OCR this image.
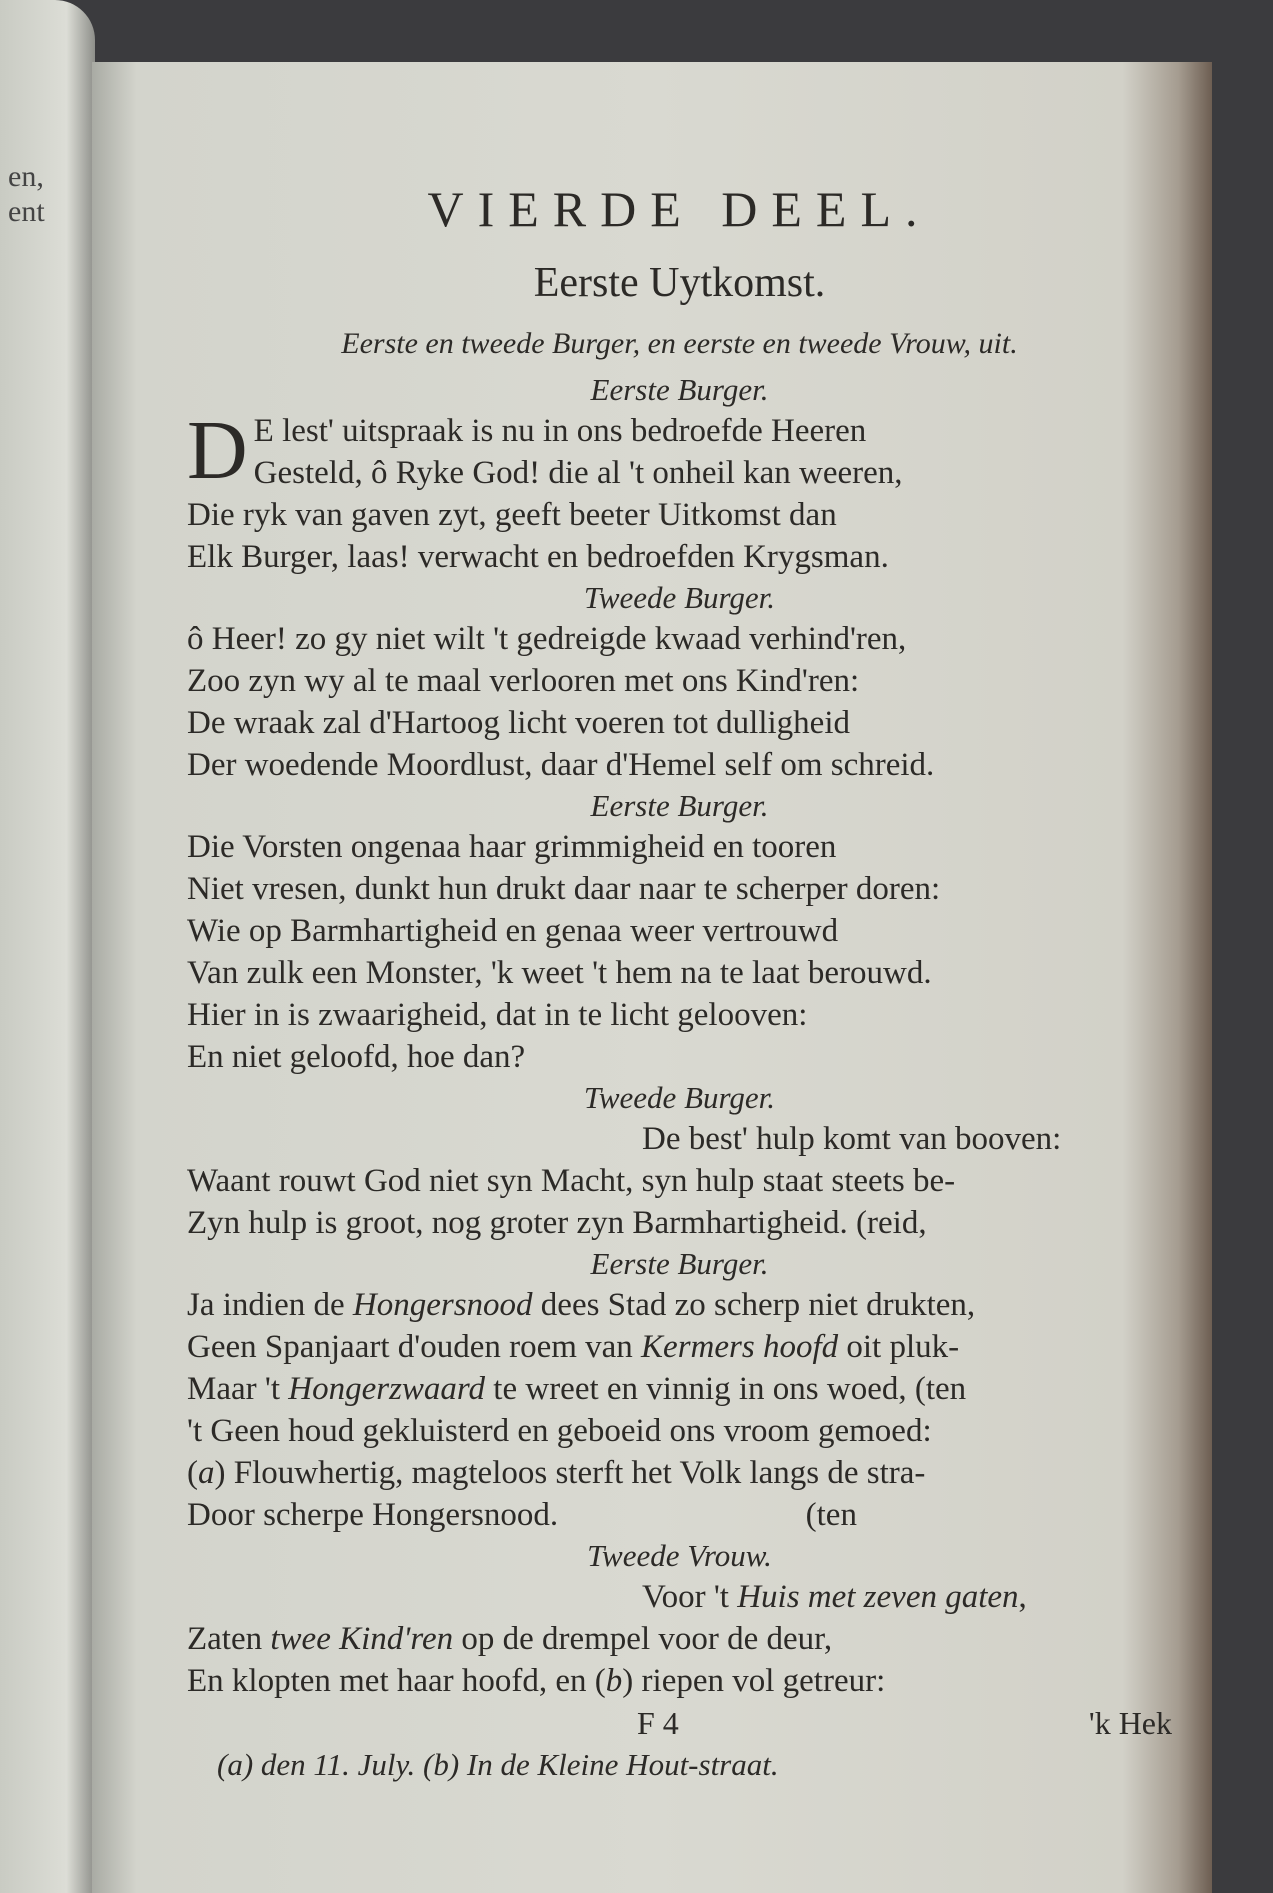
en,
ent	VIERDE DEEL.
Eerste Uytkomst.
Eerste en tweede Burger, en eerste en tweede Vrouw, uit.
Eerste Burger.
D E lest' uitspraak is nu in ons bedroefde Heeren
Gesteld, ô Ryke God! die al 't onheil kan weeren,
Die ryk van gaven zyt, geeft beeter Uitkomst dan
Elk Burger, laas! verwacht en bedroefden Krygsman.
Tweede Burger.
ô Heer! zo gy niet wilt 't gedreigde kwaad verhind'ren,
Zoo zyn wy al te maal verlooren met ons Kind'ren:
De wraak zal d'Hartoog licht voeren tot dulligheid
Der woedende Moordlust, daar d'Hemel self om schreid.
Eerste Burger.
Die Vorsten ongenaa haar grimmigheid en tooren
Niet vresen, dunkt hun drukt daar naar te scherper doren:
Wie op Barmhartigheid en genaa weer vertrouwd
Van zulk een Monster, 'k weet 't hem na te laat berouwd.
Hier in is zwaarigheid, dat in te licht gelooven:
En niet geloofd, hoe dan?
Tweede Burger.
De best' hulp komt van booven:
Waant rouwt God niet syn Macht, syn hulp staat steets be-
Zyn hulp is groot, nog groter zyn Barmhartigheid. (reid,
Eerste Burger.
Ja indien de Hongersnood dees Stad zo scherp niet drukten,
Geen Spanjaart d'ouden roem van Kermers hoofd oit pluk-
Maar 't Hongerzwaard te wreet en vinnig in ons woed, (ten
't Geen houd gekluisterd en geboeid ons vroom gemoed:
(a) Flouwhertig, magteloos sterft het Volk langs de stra-
Door scherpe Hongersnood.                              (ten
Tweede Vrouw.
Voor 't Huis met zeven gaten,
Zaten twee Kind'ren op de drempel voor de deur,
En klopten met haar hoofd, en (b) riepen vol getreur:
F 4	'k Hek
(a) den 11. July. (b) In de Kleine Hout-straat.
